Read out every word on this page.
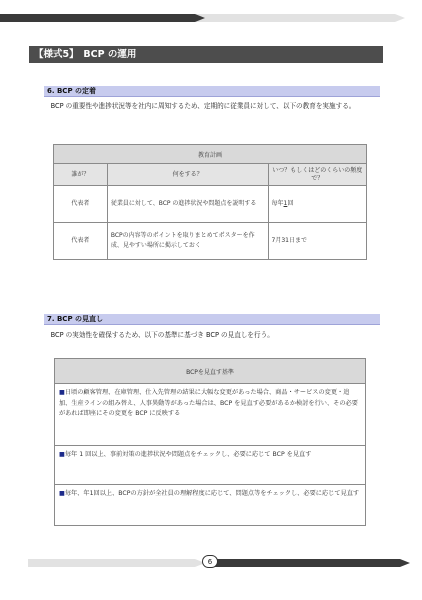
【様式5】　BCP の運用
6. BCP の定着
　BCP の重要性や進捗状況等を社内に周知するため、定期的に従業員に対して、以下の教育を実施する。
教育計画		
誰が？	何をする？	いつ？もしくはどのくらいの頻度で？
代表者	従業員に対して、BCP の進捗状況や問題点を説明する	毎年1回
代表者	BCPの内容等のポイントを取りまとめてポスターを作成、見やすい場所に掲示しておく	7月31日まで
7. BCP の見直し
　BCP の実効性を確保するため、以下の基準に基づき BCP の見直しを行う。
BCPを見直す基準
■日頃の顧客管理、在庫管理、仕入先管理の結果に大幅な変更があった場合、商品・サービスの変更・追加、生産ラインの組み替え、人事異動等があった場合は、BCP を見直す必要があるか検討を行い、その必要があれば即座にその変更を BCP に反映する
■毎年 1 回以上、事前対策の進捗状況や問題点をチェックし、必要に応じて BCP を見直す
■毎年、年1回以上、BCPの方針が全社員の理解程度に応じて、問題点等をチェックし、必要に応じて見直す
6
